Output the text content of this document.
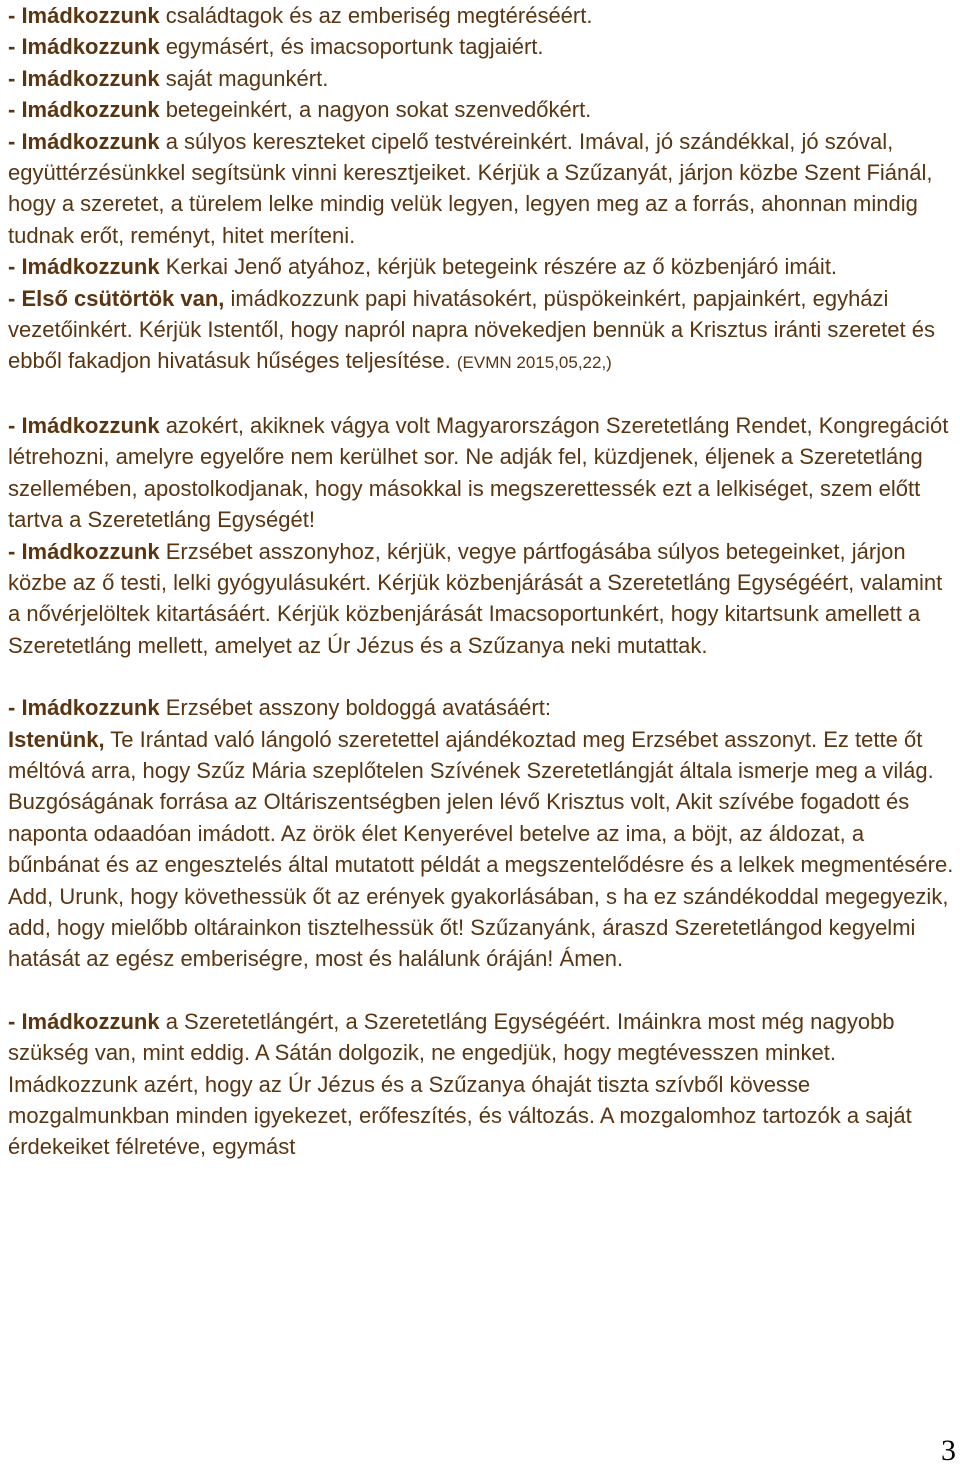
- Imádkozzunk családtagok és az emberiség megtéréséért.

- Imádkozzunk egymásért, és imacsoportunk tagjaiért.

- Imádkozzunk saját magunkért.

- Imádkozzunk betegeinkért, a nagyon sokat szenvedőkért.

- Imádkozzunk a súlyos kereszteket cipelő testvéreinkért. Imával, jó szándékkal, jó szóval, együttérzésünkkel segítsünk vinni keresztjeiket. Kérjük a Szűzanyát, járjon közbe Szent Fiánál, hogy a szeretet, a türelem lelke mindig velük legyen, legyen meg az a forrás, ahonnan mindig tudnak erőt, reményt, hitet meríteni.

- Imádkozzunk Kerkai Jenő atyához, kérjük betegeink részére az ő közbenjáró imáit.

- Első csütörtök van, imádkozzunk papi hivatásokért, püspökeinkért, papjainkért, egyházi vezetőinkért. Kérjük Istentől, hogy napról napra növekedjen bennük a Krisztus iránti szeretet és ebből fakadjon hivatásuk hűséges teljesítése. (EVMN 2015,05,22,)

- Imádkozzunk azokért, akiknek vágya volt Magyarországon Szeretetláng Rendet, Kongregációt létrehozni, amelyre egyelőre nem kerülhet sor. Ne adják fel, küzdjenek, éljenek a Szeretetláng szellemében, apostolkodjanak, hogy másokkal is megszerettessék ezt a lelkiséget, szem előtt tartva a Szeretetláng Egységét!

- Imádkozzunk Erzsébet asszonyhoz, kérjük, vegye pártfogásába súlyos betegeinket, járjon közbe az ő testi, lelki gyógyulásukért. Kérjük közbenjárását a Szeretetláng Egységéért, valamint a nővérjelöltek kitartásáért. Kérjük közbenjárását Imacsoportunkért, hogy kitartsunk amellett a Szeretetláng mellett, amelyet az Úr Jézus és a Szűzanya neki mutattak.

- Imádkozzunk Erzsébet asszony boldoggá avatásáért:

Istenünk, Te Irántad való lángoló szeretettel ajándékoztad meg Erzsébet asszonyt. Ez tette őt méltóvá arra, hogy Szűz Mária szeplőtelen Szívének Szeretetlángját általa ismerje meg a világ. Buzgóságának forrása az Oltáriszentségben jelen lévő Krisztus volt, Akit szívébe fogadott és naponta odaadóan imádott. Az örök élet Kenyerével betelve az ima, a böjt, az áldozat, a bűnbánat és az engesztelés által mutatott példát a megszentelődésre és a lelkek megmentésére.

Add, Urunk, hogy követhessük őt az erények gyakorlásában, s ha ez szándékoddal megegyezik, add, hogy mielőbb oltárainkon tisztelhessük őt! Szűzanyánk, áraszd Szeretetlángod kegyelmi hatását az egész emberiségre, most és halálunk óráján! Ámen.

- Imádkozzunk a Szeretetlángért, a Szeretetláng Egységéért. Imáinkra most még nagyobb szükség van, mint eddig. A Sátán dolgozik, ne engedjük, hogy megtévesszen minket. Imádkozzunk azért, hogy az Úr Jézus és a Szűzanya óhaját tiszta szívből kövesse mozgalmunkban minden igyekezet, erőfeszítés, és változás. A mozgalomhoz tartozók a saját érdekeiket félretéve, egymást

3
